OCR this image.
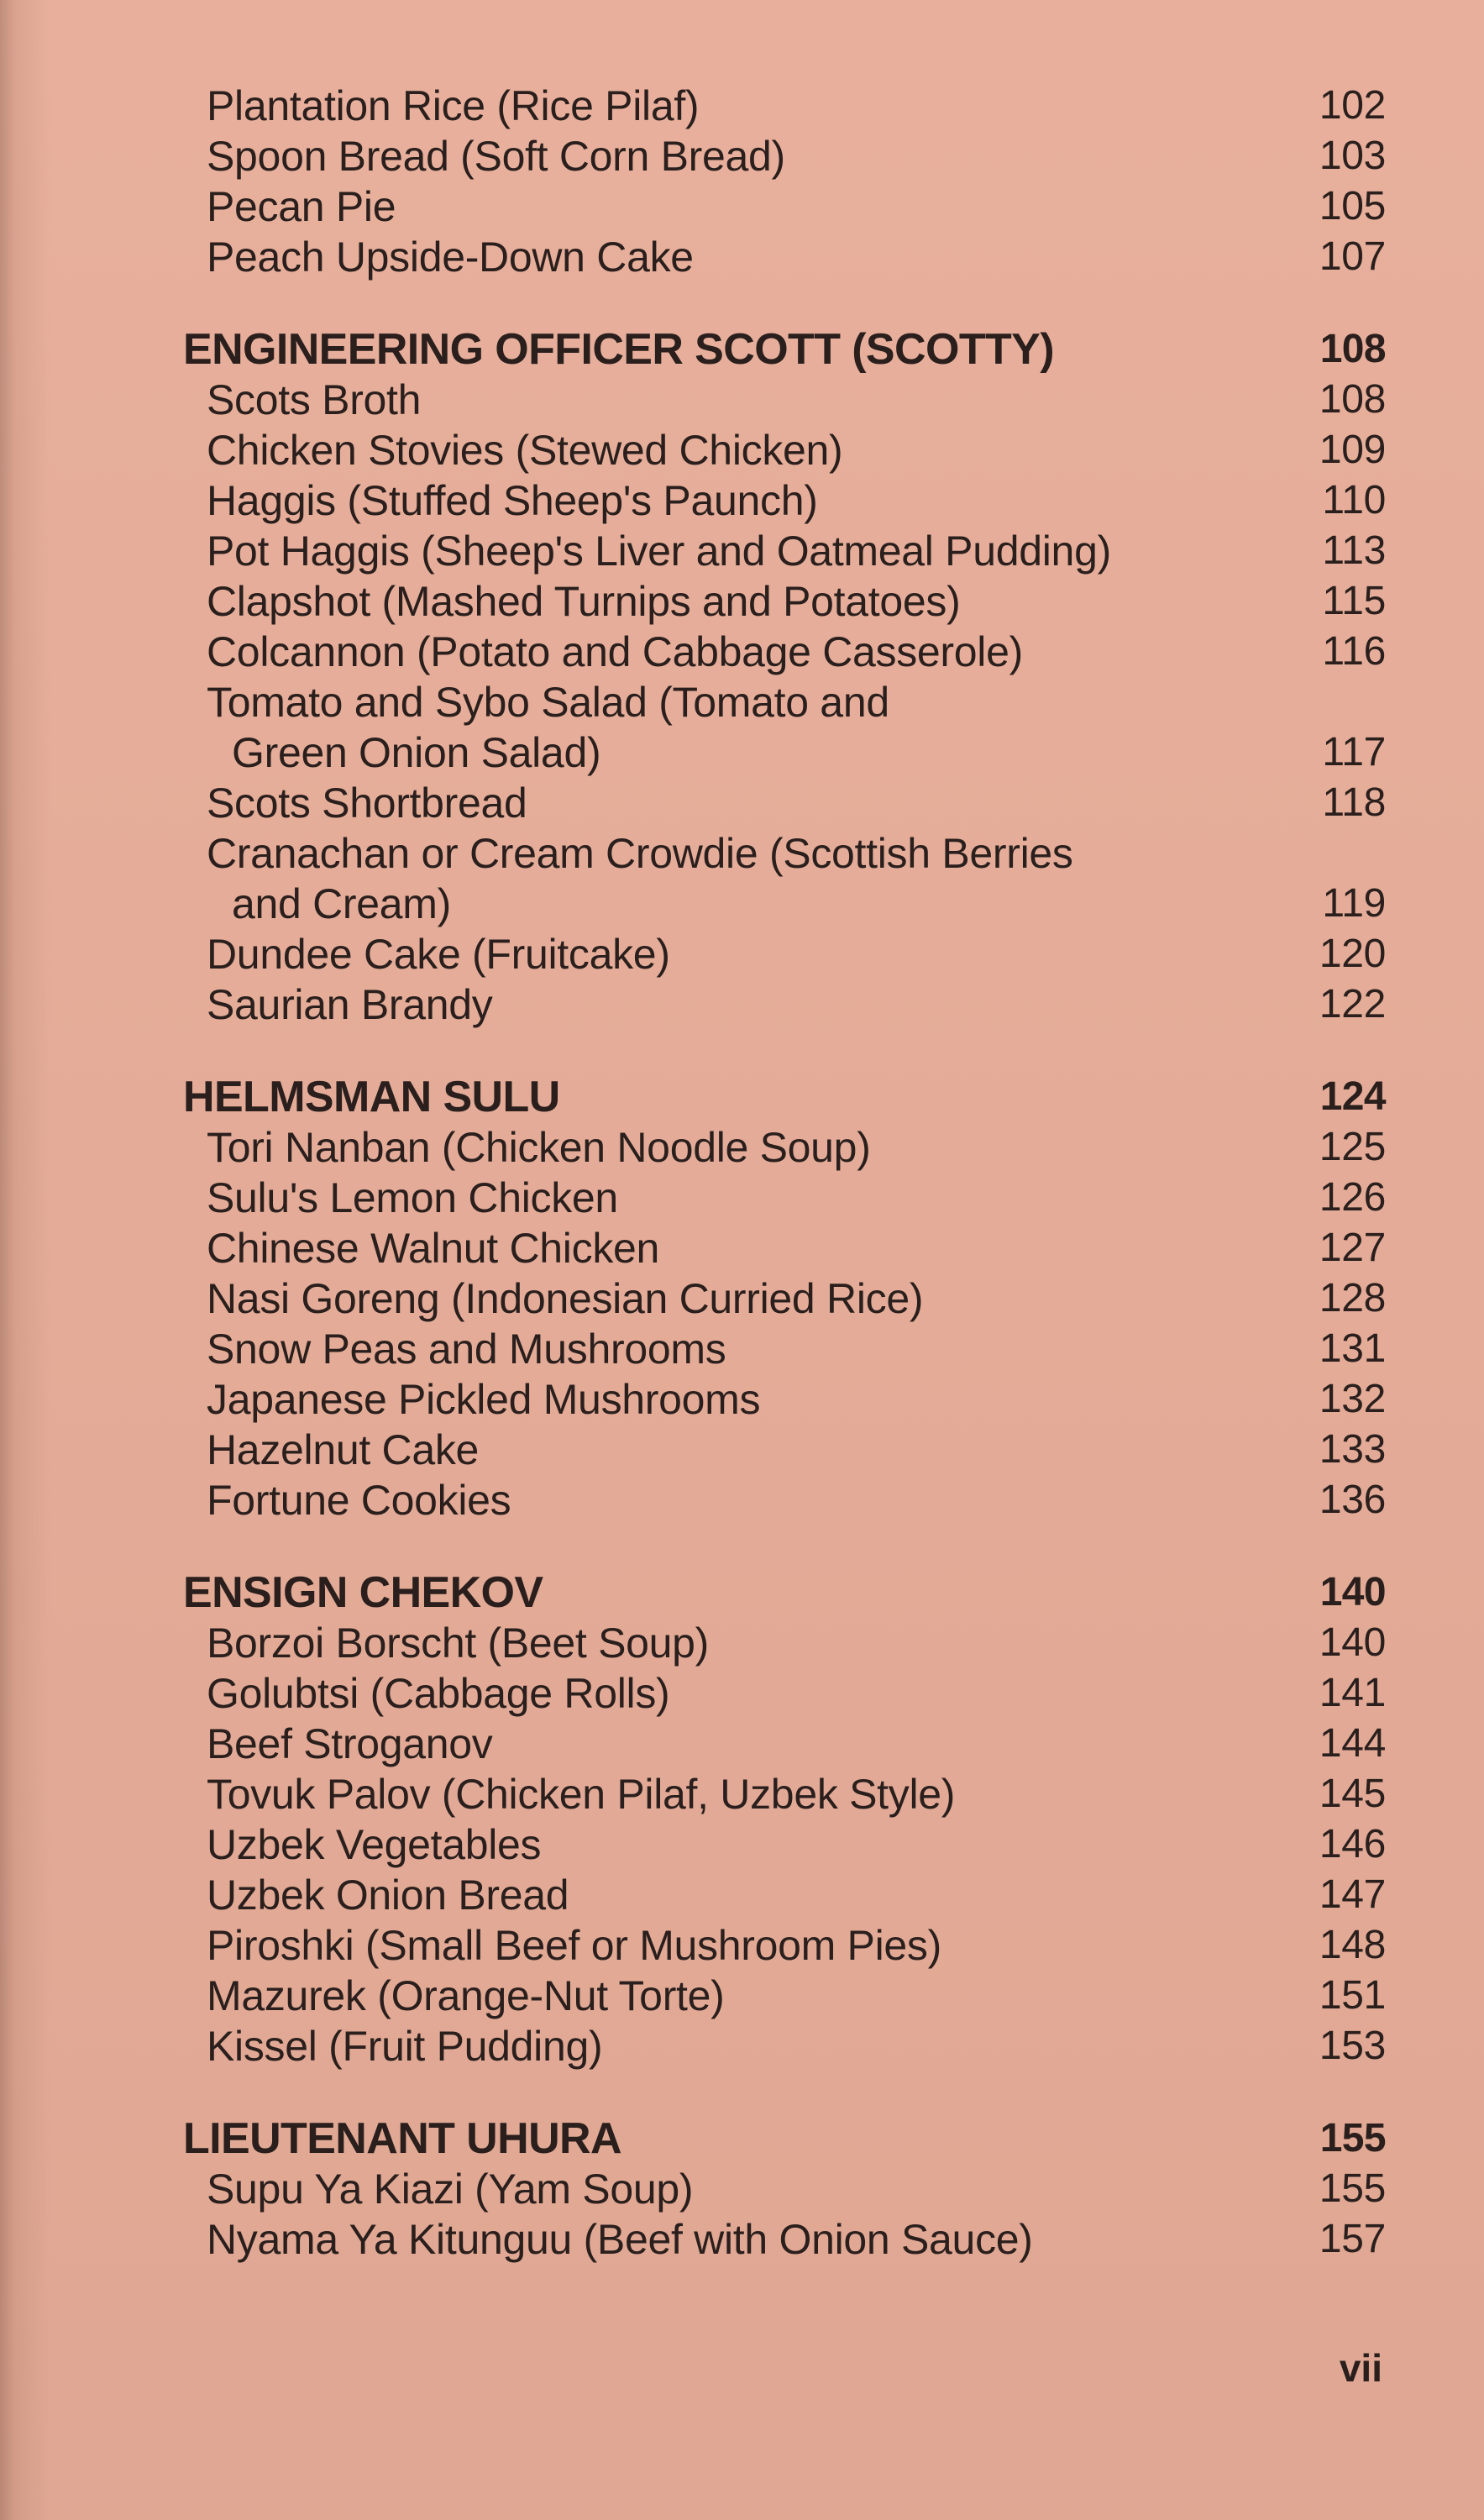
Plantation Rice (Rice Pilaf)	102
Spoon Bread (Soft Corn Bread)	103
Pecan Pie	105
Peach Upside-Down Cake	107
ENGINEERING OFFICER SCOTT (SCOTTY)	108
Scots Broth	108
Chicken Stovies (Stewed Chicken)	109
Haggis (Stuffed Sheep's Paunch)	110
Pot Haggis (Sheep's Liver and Oatmeal Pudding)	113
Clapshot (Mashed Turnips and Potatoes)	115
Colcannon (Potato and Cabbage Casserole)	116
Tomato and Sybo Salad (Tomato and
Green Onion Salad)	117
Scots Shortbread	118
Cranachan or Cream Crowdie (Scottish Berries
and Cream)	119
Dundee Cake (Fruitcake)	120
Saurian Brandy	122
HELMSMAN SULU	124
Tori Nanban (Chicken Noodle Soup)	125
Sulu's Lemon Chicken	126
Chinese Walnut Chicken	127
Nasi Goreng (Indonesian Curried Rice)	128
Snow Peas and Mushrooms	131
Japanese Pickled Mushrooms	132
Hazelnut Cake	133
Fortune Cookies	136
ENSIGN CHEKOV	140
Borzoi Borscht (Beet Soup)	140
Golubtsi (Cabbage Rolls)	141
Beef Stroganov	144
Tovuk Palov (Chicken Pilaf, Uzbek Style)	145
Uzbek Vegetables	146
Uzbek Onion Bread	147
Piroshki (Small Beef or Mushroom Pies)	148
Mazurek (Orange-Nut Torte)	151
Kissel (Fruit Pudding)	153
LIEUTENANT UHURA	155
Supu Ya Kiazi (Yam Soup)	155
Nyama Ya Kitunguu (Beef with Onion Sauce)	157
vii
